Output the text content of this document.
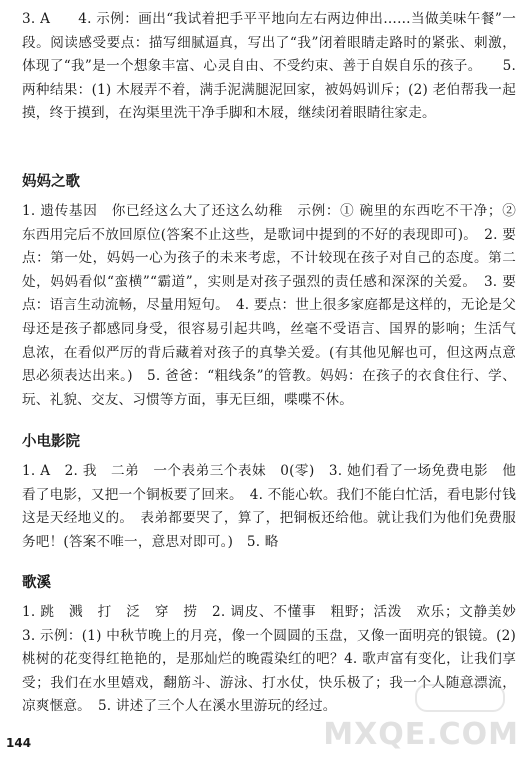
3. A　　4. 示例：画出“我试着把手平平地向左右两边伸出……当做美味午餐”一段。阅读感受要点：描写细腻逼真，写出了“我”闭着眼睛走路时的紧张、刺激，体现了“我”是一个想象丰富、心灵自由、不受约束、善于自娱自乐的孩子。　　5. 两种结果：(1) 木屐弄不着，满手泥满腿泥回家，被妈妈训斥；(2) 老伯帮我一起摸，终于摸到，在沟渠里洗干净手脚和木屐，继续闭着眼睛往家走。

妈妈之歌

1. 遗传基因　你已经这么大了还这么幼稚　示例：① 碗里的东西吃不干净；② 东西用完后不放回原位(答案不止这些，是歌词中提到的不好的表现即可)。　2. 要点：第一处，妈妈一心为孩子的未来考虑，不计较现在孩子对自己的态度。第二处，妈妈看似“蛮横”“霸道”，实则是对孩子强烈的责任感和深深的关爱。　3. 要点：语言生动流畅，尽量用短句。　4. 要点：世上很多家庭都是这样的，无论是父母还是孩子都感同身受，很容易引起共鸣，丝毫不受语言、国界的影响；生活气息浓，在看似严厉的背后藏着对孩子的真挚关爱。(有其他见解也可，但这两点意思必须表达出来。)　5. 爸爸：“粗线条”的管教。妈妈：在孩子的衣食住行、学、玩、礼貌、交友、习惯等方面，事无巨细，喋喋不休。

小电影院

1. A　2. 我　二弟　一个表弟三个表妹　0(零)　3. 她们看了一场免费电影　他看了电影，又把一个铜板要了回来。　4. 不能心软。我们不能白忙活，看电影付钱这是天经地义的。　表弟都要哭了，算了，把铜板还给他。就让我们为他们免费服务吧！(答案不唯一，意思对即可。)　5. 略

歌溪

1. 跳　溅　打　泛　穿　捞　2. 调皮、不懂事　粗野；活泼　欢乐；文静美妙　3. 示例：(1) 中秋节晚上的月亮，像一个圆圆的玉盘，又像一面明亮的银镜。(2) 桃树的花变得红艳艳的，是那灿烂的晚霞染红的吧？4. 歌声富有变化，让我们享受；我们在水里嬉戏，翻筋斗、游泳、打水仗，快乐极了；我一个人随意漂流，凉爽惬意。　5. 讲述了三个人在溪水里游玩的经过。

MXQE.COM
144
